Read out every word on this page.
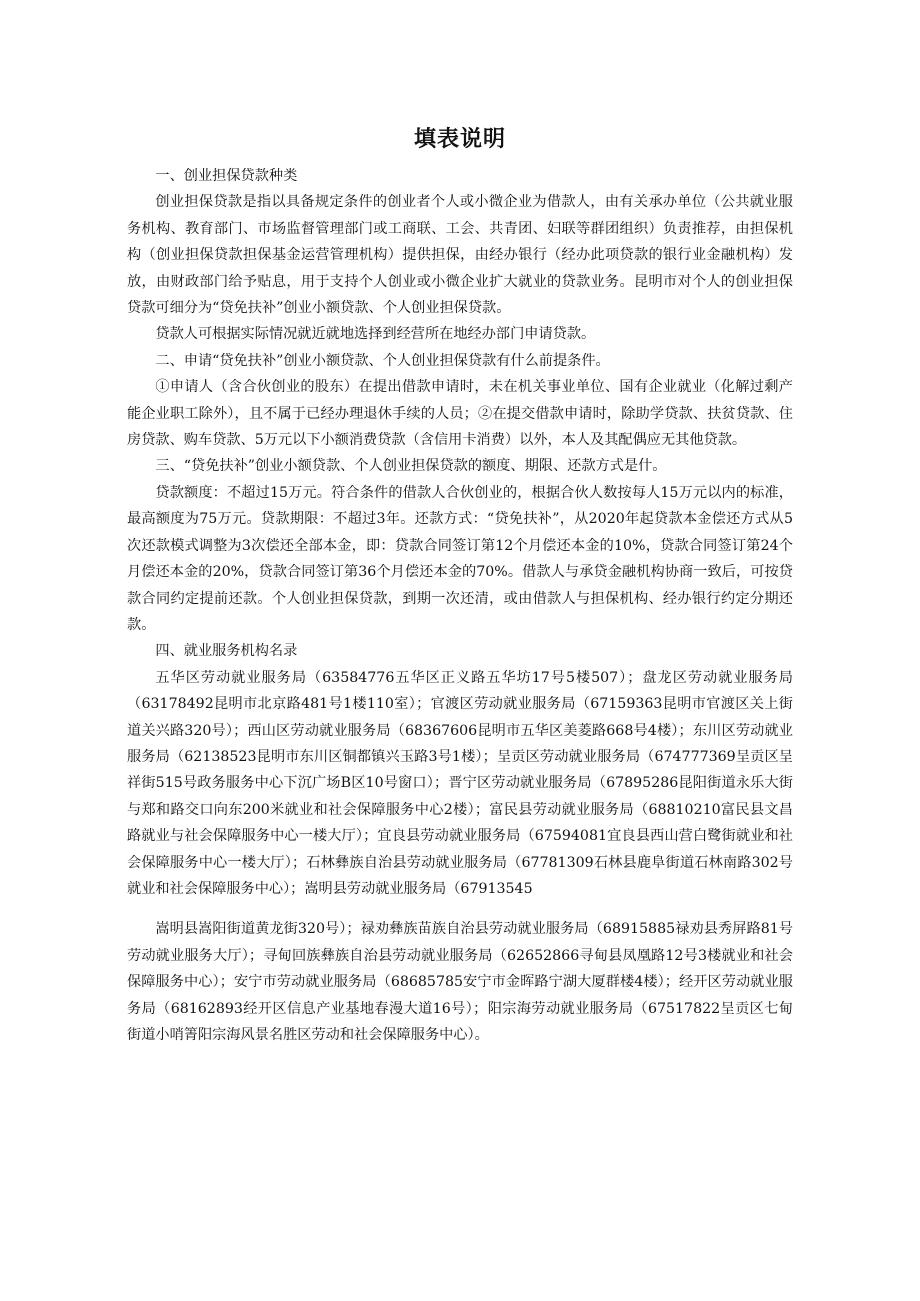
填表说明

一、创业担保贷款种类

创业担保贷款是指以具备规定条件的创业者个人或小微企业为借款人，由有关承办单位（公共就业服务机构、教育部门、市场监督管理部门或工商联、工会、共青团、妇联等群团组织）负责推荐，由担保机构（创业担保贷款担保基金运营管理机构）提供担保，由经办银行（经办此项贷款的银行业金融机构）发放，由财政部门给予贴息，用于支持个人创业或小微企业扩大就业的贷款业务。昆明市对个人的创业担保贷款可细分为“贷免扶补”创业小额贷款、个人创业担保贷款。

贷款人可根据实际情况就近就地选择到经营所在地经办部门申请贷款。

二、申请“贷免扶补”创业小额贷款、个人创业担保贷款有什么前提条件。

①申请人（含合伙创业的股东）在提出借款申请时，未在机关事业单位、国有企业就业（化解过剩产能企业职工除外），且不属于已经办理退休手续的人员；②在提交借款申请时，除助学贷款、扶贫贷款、住房贷款、购车贷款、5万元以下小额消费贷款（含信用卡消费）以外，本人及其配偶应无其他贷款。

三、“贷免扶补”创业小额贷款、个人创业担保贷款的额度、期限、还款方式是什。

贷款额度：不超过15万元。符合条件的借款人合伙创业的，根据合伙人数按每人15万元以内的标准，最高额度为75万元。贷款期限：不超过3年。还款方式：“贷免扶补”，从2020年起贷款本金偿还方式从5次还款模式调整为3次偿还全部本金，即：贷款合同签订第12个月偿还本金的10%，贷款合同签订第24个月偿还本金的20%，贷款合同签订第36个月偿还本金的70%。借款人与承贷金融机构协商一致后，可按贷款合同约定提前还款。个人创业担保贷款，到期一次还清，或由借款人与担保机构、经办银行约定分期还款。

四、就业服务机构名录

五华区劳动就业服务局（63584776五华区正义路五华坊17号5楼507）；盘龙区劳动就业服务局（63178492昆明市北京路481号1楼110室）；官渡区劳动就业服务局（67159363昆明市官渡区关上街道关兴路320号）；西山区劳动就业服务局（68367606昆明市五华区美菱路668号4楼）；东川区劳动就业服务局（62138523昆明市东川区铜都镇兴玉路3号1楼）；呈贡区劳动就业服务局（674777369呈贡区呈祥街515号政务服务中心下沉广场B区10号窗口）；晋宁区劳动就业服务局（67895286昆阳街道永乐大街与郑和路交口向东200米就业和社会保障服务中心2楼）；富民县劳动就业服务局（68810210富民县文昌路就业与社会保障服务中心一楼大厅）；宜良县劳动就业服务局（67594081宜良县西山营白鹭街就业和社会保障服务中心一楼大厅）；石林彝族自治县劳动就业服务局（67781309石林县鹿阜街道石林南路302号就业和社会保障服务中心）；嵩明县劳动就业服务局（67913545

嵩明县嵩阳街道黄龙街320号）；禄劝彝族苗族自治县劳动就业服务局（68915885禄劝县秀屏路81号劳动就业服务大厅）；寻甸回族彝族自治县劳动就业服务局（62652866寻甸县凤凰路12号3楼就业和社会保障服务中心）；安宁市劳动就业服务局（68685785安宁市金晖路宁湖大厦群楼4楼）；经开区劳动就业服务局（68162893经开区信息产业基地春漫大道16号）；阳宗海劳动就业服务局（67517822呈贡区七甸街道小哨箐阳宗海风景名胜区劳动和社会保障服务中心）。
